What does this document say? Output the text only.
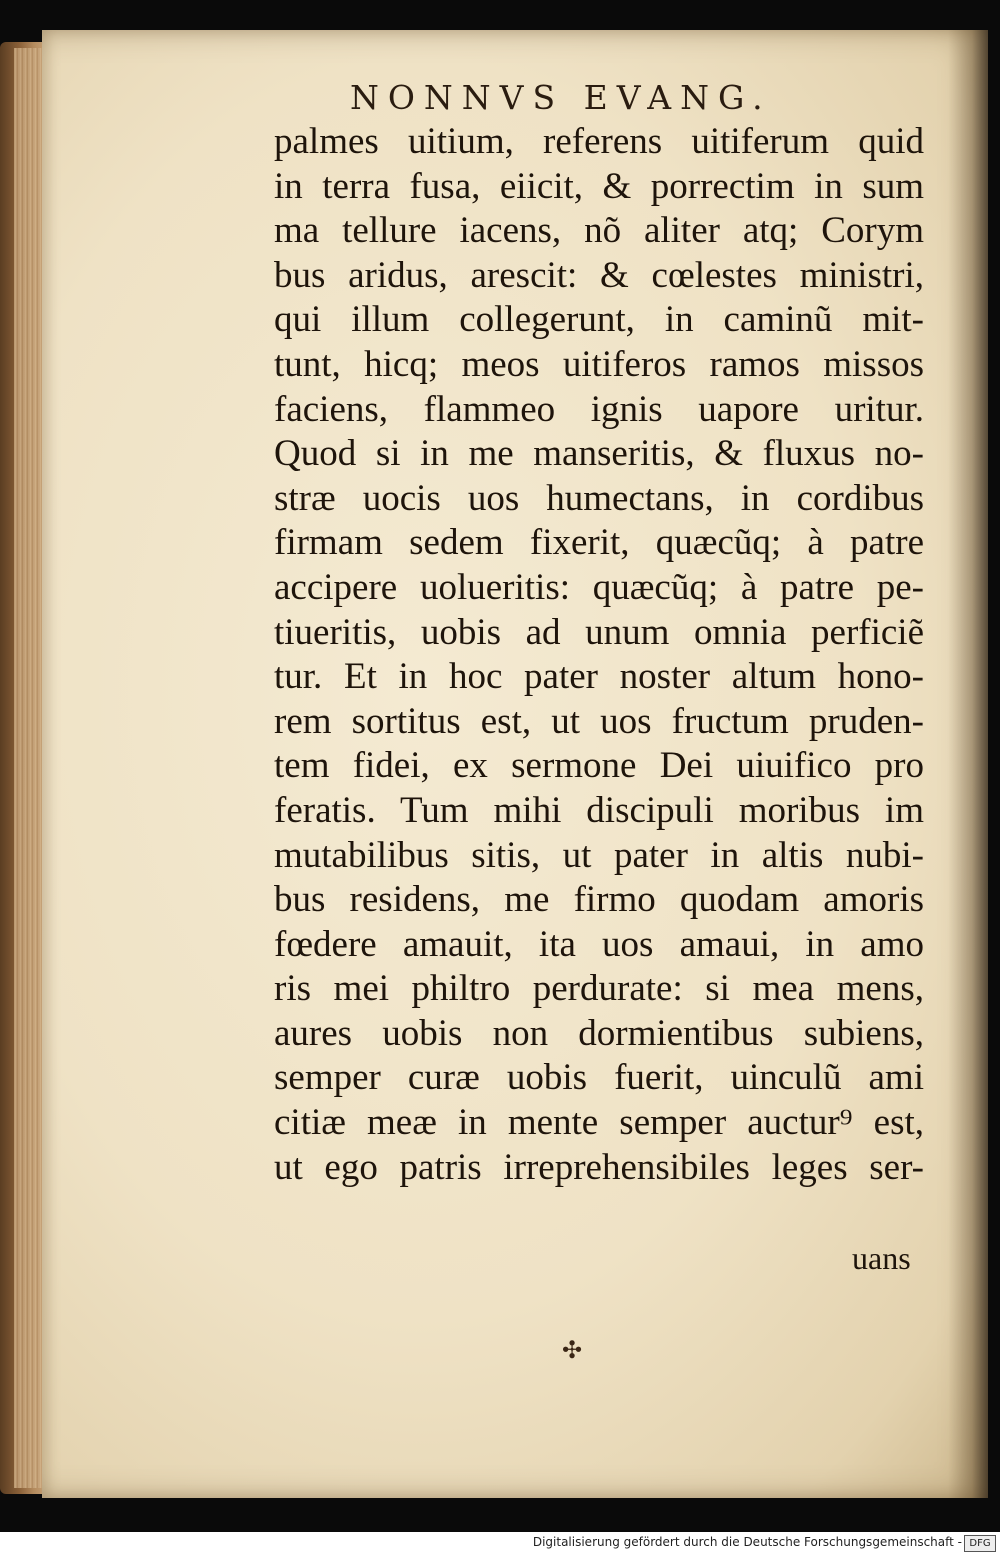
NONNVS EVANG.
palmes uitium, referens uitiferum quid
in terra fusa, eiicit, & porrectim in sum
ma tellure iacens, nõ aliter atq; Corym
bus aridus, arescit: & cœlestes ministri,
qui illum collegerunt, in caminũ mit-
tunt, hicq; meos uitiferos ramos missos
faciens, flammeo ignis uapore uritur.
Quod si in me manseritis, & fluxus no-
stræ uocis uos humectans, in cordibus
firmam sedem fixerit, quæcũq; à patre
accipere uolueritis: quæcũq; à patre pe-
tiueritis, uobis ad unum omnia perficiẽ
tur. Et in hoc pater noster altum hono-
rem sortitus est, ut uos fructum pruden-
tem fidei, ex sermone Dei uiuifico pro
feratis. Tum mihi discipuli moribus im
mutabilibus sitis, ut pater in altis nubi-
bus residens, me firmo quodam amoris
fœdere amauit, ita uos amaui, in amo
ris mei philtro perdurate: si mea mens,
aures uobis non dormientibus subiens,
semper curæ uobis fuerit, uinculũ ami
citiæ meæ in mente semper auctur⁹ est,
ut ego patris irreprehensibiles leges ser-
uans
✣
Digitalisierung gefördert durch die Deutsche Forschungsgemeinschaft - DFG
